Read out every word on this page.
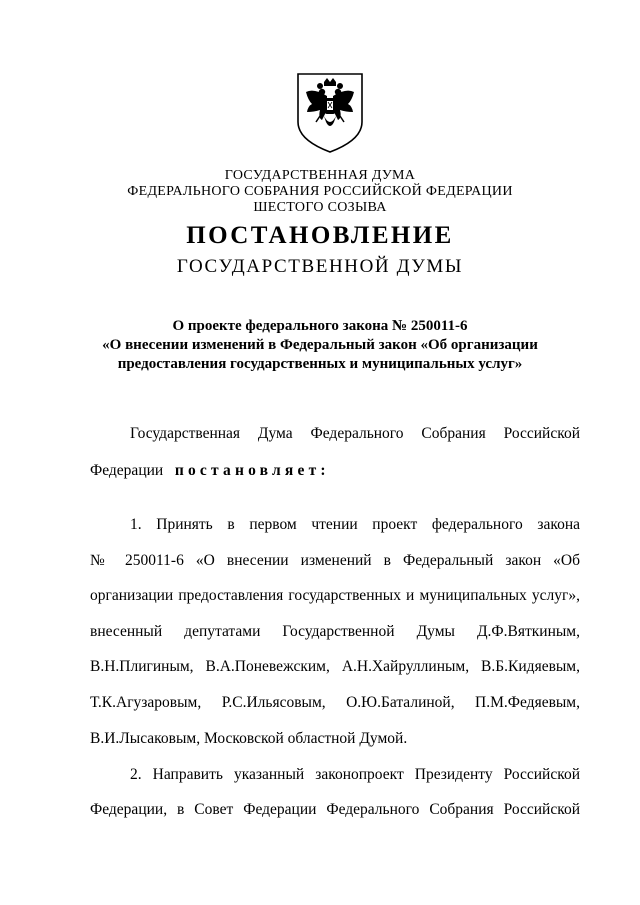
ГОСУДАРСТВЕННАЯ ДУМА
ФЕДЕРАЛЬНОГО СОБРАНИЯ РОССИЙСКОЙ ФЕДЕРАЦИИ
ШЕСТОГО СОЗЫВА
ПОСТАНОВЛЕНИЕ
ГОСУДАРСТВЕННОЙ ДУМЫ
О проекте федерального закона № 250011-6
«О внесении изменений в Федеральный закон «Об организации
предоставления государственных и муниципальных услуг»
Государственная Дума Федерального Собрания Российской
Федерации постановляет:
1. Принять в первом чтении проект федерального закона
№ 250011-6 «О внесении изменений в Федеральный закон «Об
организации предоставления государственных и муниципальных услуг»,
внесенный депутатами Государственной Думы Д.Ф.Вяткиным,
В.Н.Плигиным, В.А.Поневежским, А.Н.Хайруллиным, В.Б.Кидяевым,
Т.К.Агузаровым, Р.С.Ильясовым, О.Ю.Баталиной, П.М.Федяевым,
В.И.Лысаковым, Московской областной Думой.
2. Направить указанный законопроект Президенту Российской
Федерации, в Совет Федерации Федерального Собрания Российской
